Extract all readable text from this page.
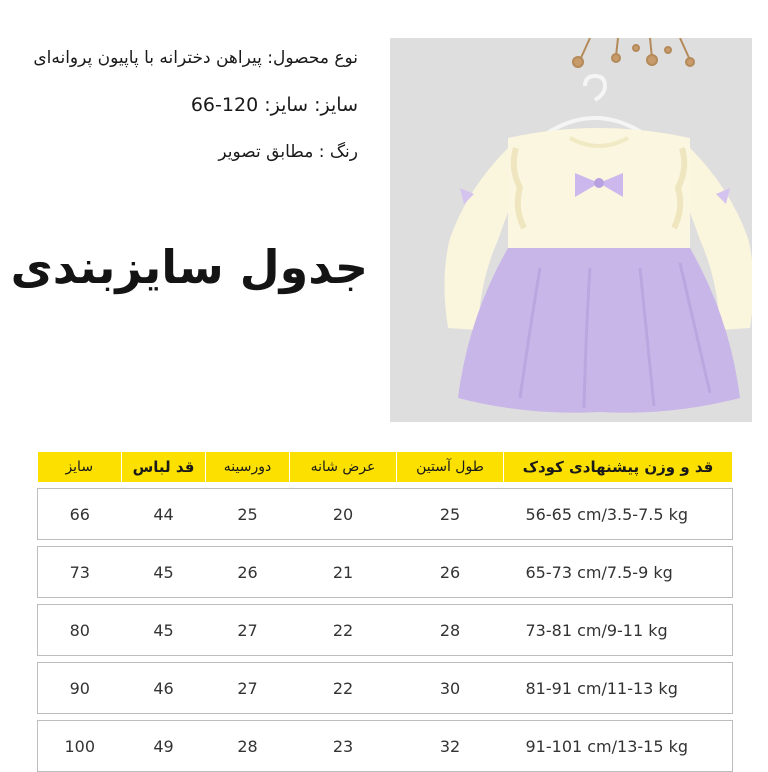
نوع محصول: پیراهن دخترانه با پاپیون پروانه‌ای
سایز: سایز: 120-66
رنگ : مطابق تصویر
جدول سایزبندی
سایز	قد لباس	دورسینه	عرض شانه	طول آستین	قد و وزن پیشنهادی کودک

66	44	25	20	25	56-65 cm/3.5-7.5 kg

73	45	26	21	26	65-73 cm/7.5-9 kg

80	45	27	22	28	73-81 cm/9-11 kg

90	46	27	22	30	81-91 cm/11-13 kg

100	49	28	23	32	91-101 cm/13-15 kg
